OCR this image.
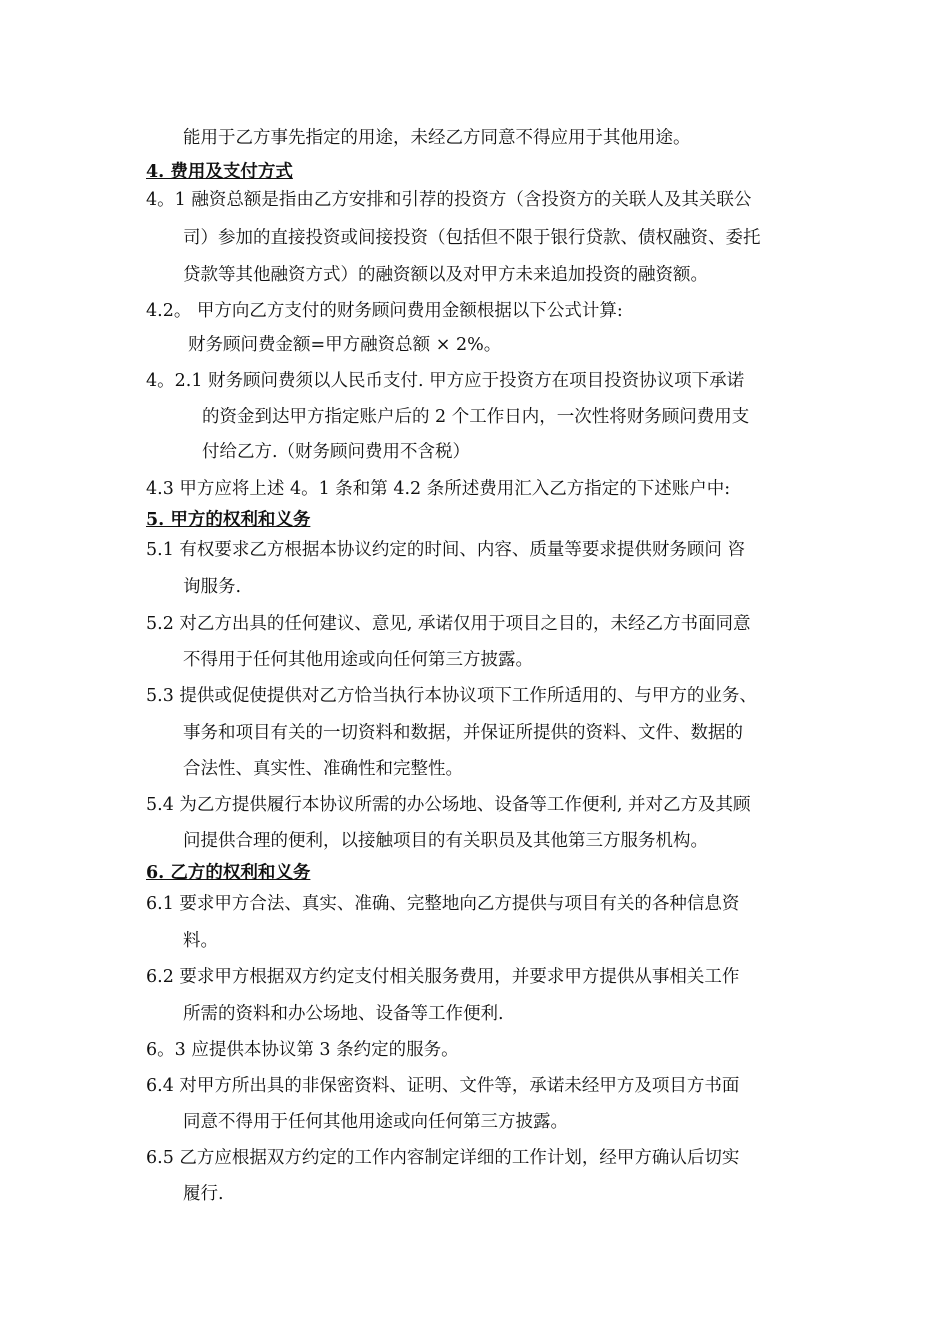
能用于乙方事先指定的用途，未经乙方同意不得应用于其他用途。
4. 费用及支付方式
4。1 融资总额是指由乙方安排和引荐的投资方（含投资方的关联人及其关联公
司）参加的直接投资或间接投资（包括但不限于银行贷款、债权融资、委托
贷款等其他融资方式）的融资额以及对甲方未来追加投资的融资额。
4.2。 甲方向乙方支付的财务顾问费用金额根据以下公式计算:
财务顾问费金额=甲方融资总额 × 2%。
4。2.1 财务顾问费须以人民币支付. 甲方应于投资方在项目投资协议项下承诺
的资金到达甲方指定账户后的 2 个工作日内，一次性将财务顾问费用支
付给乙方.（财务顾问费用不含税）
4.3 甲方应将上述 4。1 条和第 4.2 条所述费用汇入乙方指定的下述账户中:
5. 甲方的权利和义务
5.1 有权要求乙方根据本协议约定的时间、内容、质量等要求提供财务顾问 咨
询服务.
5.2 对乙方出具的任何建议、意见, 承诺仅用于项目之目的，未经乙方书面同意
不得用于任何其他用途或向任何第三方披露。
5.3 提供或促使提供对乙方恰当执行本协议项下工作所适用的、与甲方的业务、
事务和项目有关的一切资料和数据，并保证所提供的资料、文件、数据的
合法性、真实性、准确性和完整性。
5.4 为乙方提供履行本协议所需的办公场地、设备等工作便利, 并对乙方及其顾
问提供合理的便利，以接触项目的有关职员及其他第三方服务机构。
6. 乙方的权利和义务
6.1 要求甲方合法、真实、准确、完整地向乙方提供与项目有关的各种信息资
料。
6.2 要求甲方根据双方约定支付相关服务费用，并要求甲方提供从事相关工作
所需的资料和办公场地、设备等工作便利.
6。3 应提供本协议第 3 条约定的服务。
6.4 对甲方所出具的非保密资料、证明、文件等，承诺未经甲方及项目方书面
同意不得用于任何其他用途或向任何第三方披露。
6.5 乙方应根据双方约定的工作内容制定详细的工作计划，经甲方确认后切实
履行.
